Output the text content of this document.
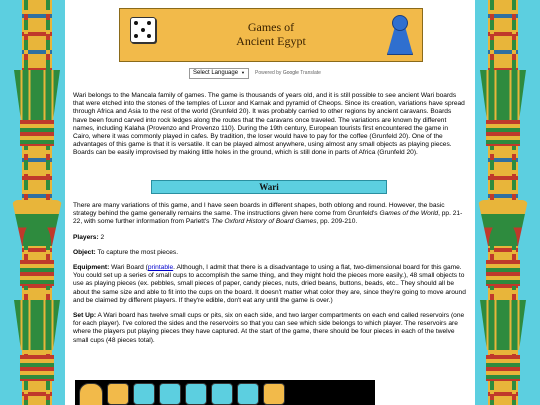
Games of
Ancient Egypt
Select Language ▼ Powered by Google Translate

Wari belongs to the Mancala family of games. The game is thousands of years old, and it is still possible to see ancient Wari boards that were etched into the stones of the temples of Luxor and Karnak and pyramid of Cheops. Since its creation, variations have spread through Africa and Asia to the rest of the world (Grunfeld 20). It was probably carried to other regions by ancient caravans. Boards have been found carved into rock ledges along the routes that the caravans once traveled. The variations are known by different names, including Kalaha (Provenzo and Provenzo 110). During the 19th century, European tourists first encountered the game in Cairo, where it was commonly played in cafes. By tradition, the loser would have to pay for the coffee (Grunfeld 20). One of the advantages of this game is that it is versatile. It can be played almost anywhere, using almost any small objects as playing pieces. Boards can be easily improvised by making little holes in the ground, which is still done in parts of Africa (Grunfeld 20).

Wari

There are many variations of this game, and I have seen boards in different shapes, both oblong and round. However, the basic strategy behind the game generally remains the same. The instructions given here come from Grunfeld's Games of the World, pp. 21-22, with some further information from Parlett's The Oxford History of Board Games, pp. 209-210.

Players: 2

Object: To capture the most pieces.

Equipment: Wari Board (printable. Although, I admit that there is a disadvantage to using a flat, two-dimensional board for this game. You could set up a series of small cups to accomplish the same thing, and they might hold the pieces more easily.), 48 small objects to use as playing pieces (ex. pebbles, small pieces of paper, candy pieces, nuts, dried beans, buttons, beads, etc.. They should all be about the same size and able to fit into the cups on the board. It doesn't matter what color they are, since they're going to move around and be claimed by different players. If they're edible, don't eat any until the game is over.)

Set Up: A Wari board has twelve small cups or pits, six on each side, and two larger compartments on each end called reservoirs (one for each player). I've colored the sides and the reservoirs so that you can see which side belongs to which player. The reservoirs are where the players put playing pieces they have captured. At the start of the game, there should be four pieces in each of the twelve small cups (48 pieces total).
